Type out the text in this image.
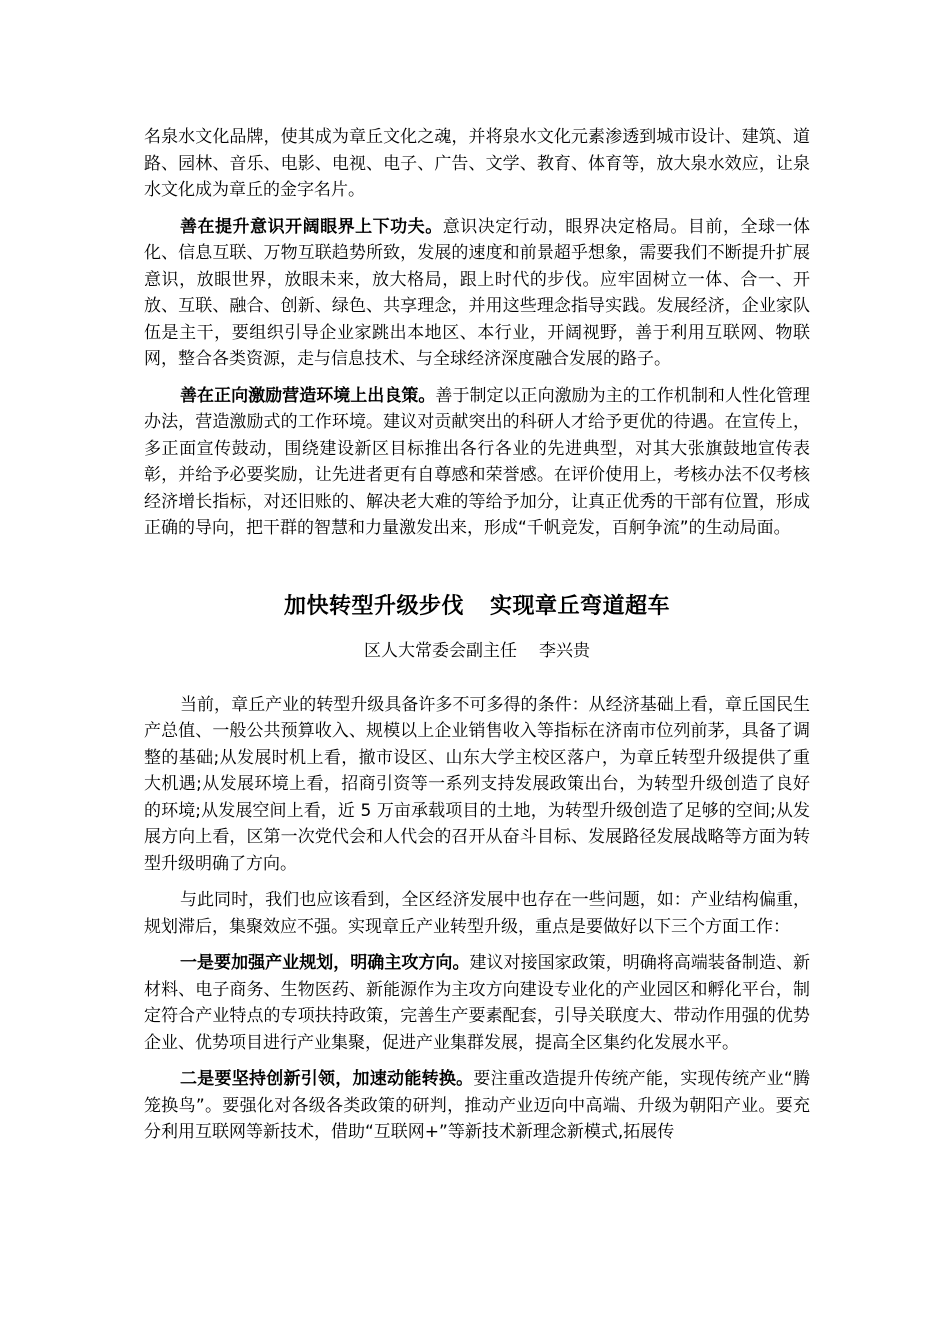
名泉水文化品牌，使其成为章丘文化之魂，并将泉水文化元素渗透到城市设计、建筑、道路、园林、音乐、电影、电视、电子、广告、文学、教育、体育等，放大泉水效应，让泉水文化成为章丘的金字名片。

善在提升意识开阔眼界上下功夫。意识决定行动，眼界决定格局。目前，全球一体化、信息互联、万物互联趋势所致，发展的速度和前景超乎想象，需要我们不断提升扩展意识，放眼世界，放眼未来，放大格局，跟上时代的步伐。应牢固树立一体、合一、开放、互联、融合、创新、绿色、共享理念，并用这些理念指导实践。发展经济，企业家队伍是主干，要组织引导企业家跳出本地区、本行业，开阔视野，善于利用互联网、物联网，整合各类资源，走与信息技术、与全球经济深度融合发展的路子。

善在正向激励营造环境上出良策。善于制定以正向激励为主的工作机制和人性化管理办法，营造激励式的工作环境。建议对贡献突出的科研人才给予更优的待遇。在宣传上，多正面宣传鼓动，围绕建设新区目标推出各行各业的先进典型，对其大张旗鼓地宣传表彰，并给予必要奖励，让先进者更有自尊感和荣誉感。在评价使用上，考核办法不仅考核经济增长指标，对还旧账的、解决老大难的等给予加分，让真正优秀的干部有位置，形成正确的导向，把干群的智慧和力量激发出来，形成“千帆竞发，百舸争流”的生动局面。

加快转型升级步伐 实现章丘弯道超车
区人大常委会副主任 李兴贵

当前，章丘产业的转型升级具备许多不可多得的条件：从经济基础上看，章丘国民生产总值、一般公共预算收入、规模以上企业销售收入等指标在济南市位列前茅，具备了调整的基础;从发展时机上看，撤市设区、山东大学主校区落户，为章丘转型升级提供了重大机遇;从发展环境上看，招商引资等一系列支持发展政策出台，为转型升级创造了良好的环境;从发展空间上看，近 5 万亩承载项目的土地，为转型升级创造了足够的空间;从发展方向上看，区第一次党代会和人代会的召开从奋斗目标、发展路径发展战略等方面为转型升级明确了方向。

与此同时，我们也应该看到，全区经济发展中也存在一些问题，如：产业结构偏重，规划滞后，集聚效应不强。实现章丘产业转型升级，重点是要做好以下三个方面工作：

一是要加强产业规划，明确主攻方向。建议对接国家政策，明确将高端装备制造、新材料、电子商务、生物医药、新能源作为主攻方向建设专业化的产业园区和孵化平台，制定符合产业特点的专项扶持政策，完善生产要素配套，引导关联度大、带动作用强的优势企业、优势项目进行产业集聚，促进产业集群发展，提高全区集约化发展水平。

二是要坚持创新引领，加速动能转换。要注重改造提升传统产能，实现传统产业“腾笼换鸟”。要强化对各级各类政策的研判，推动产业迈向中高端、升级为朝阳产业。要充分利用互联网等新技术，借助“互联网+”等新技术新理念新模式,拓展传
